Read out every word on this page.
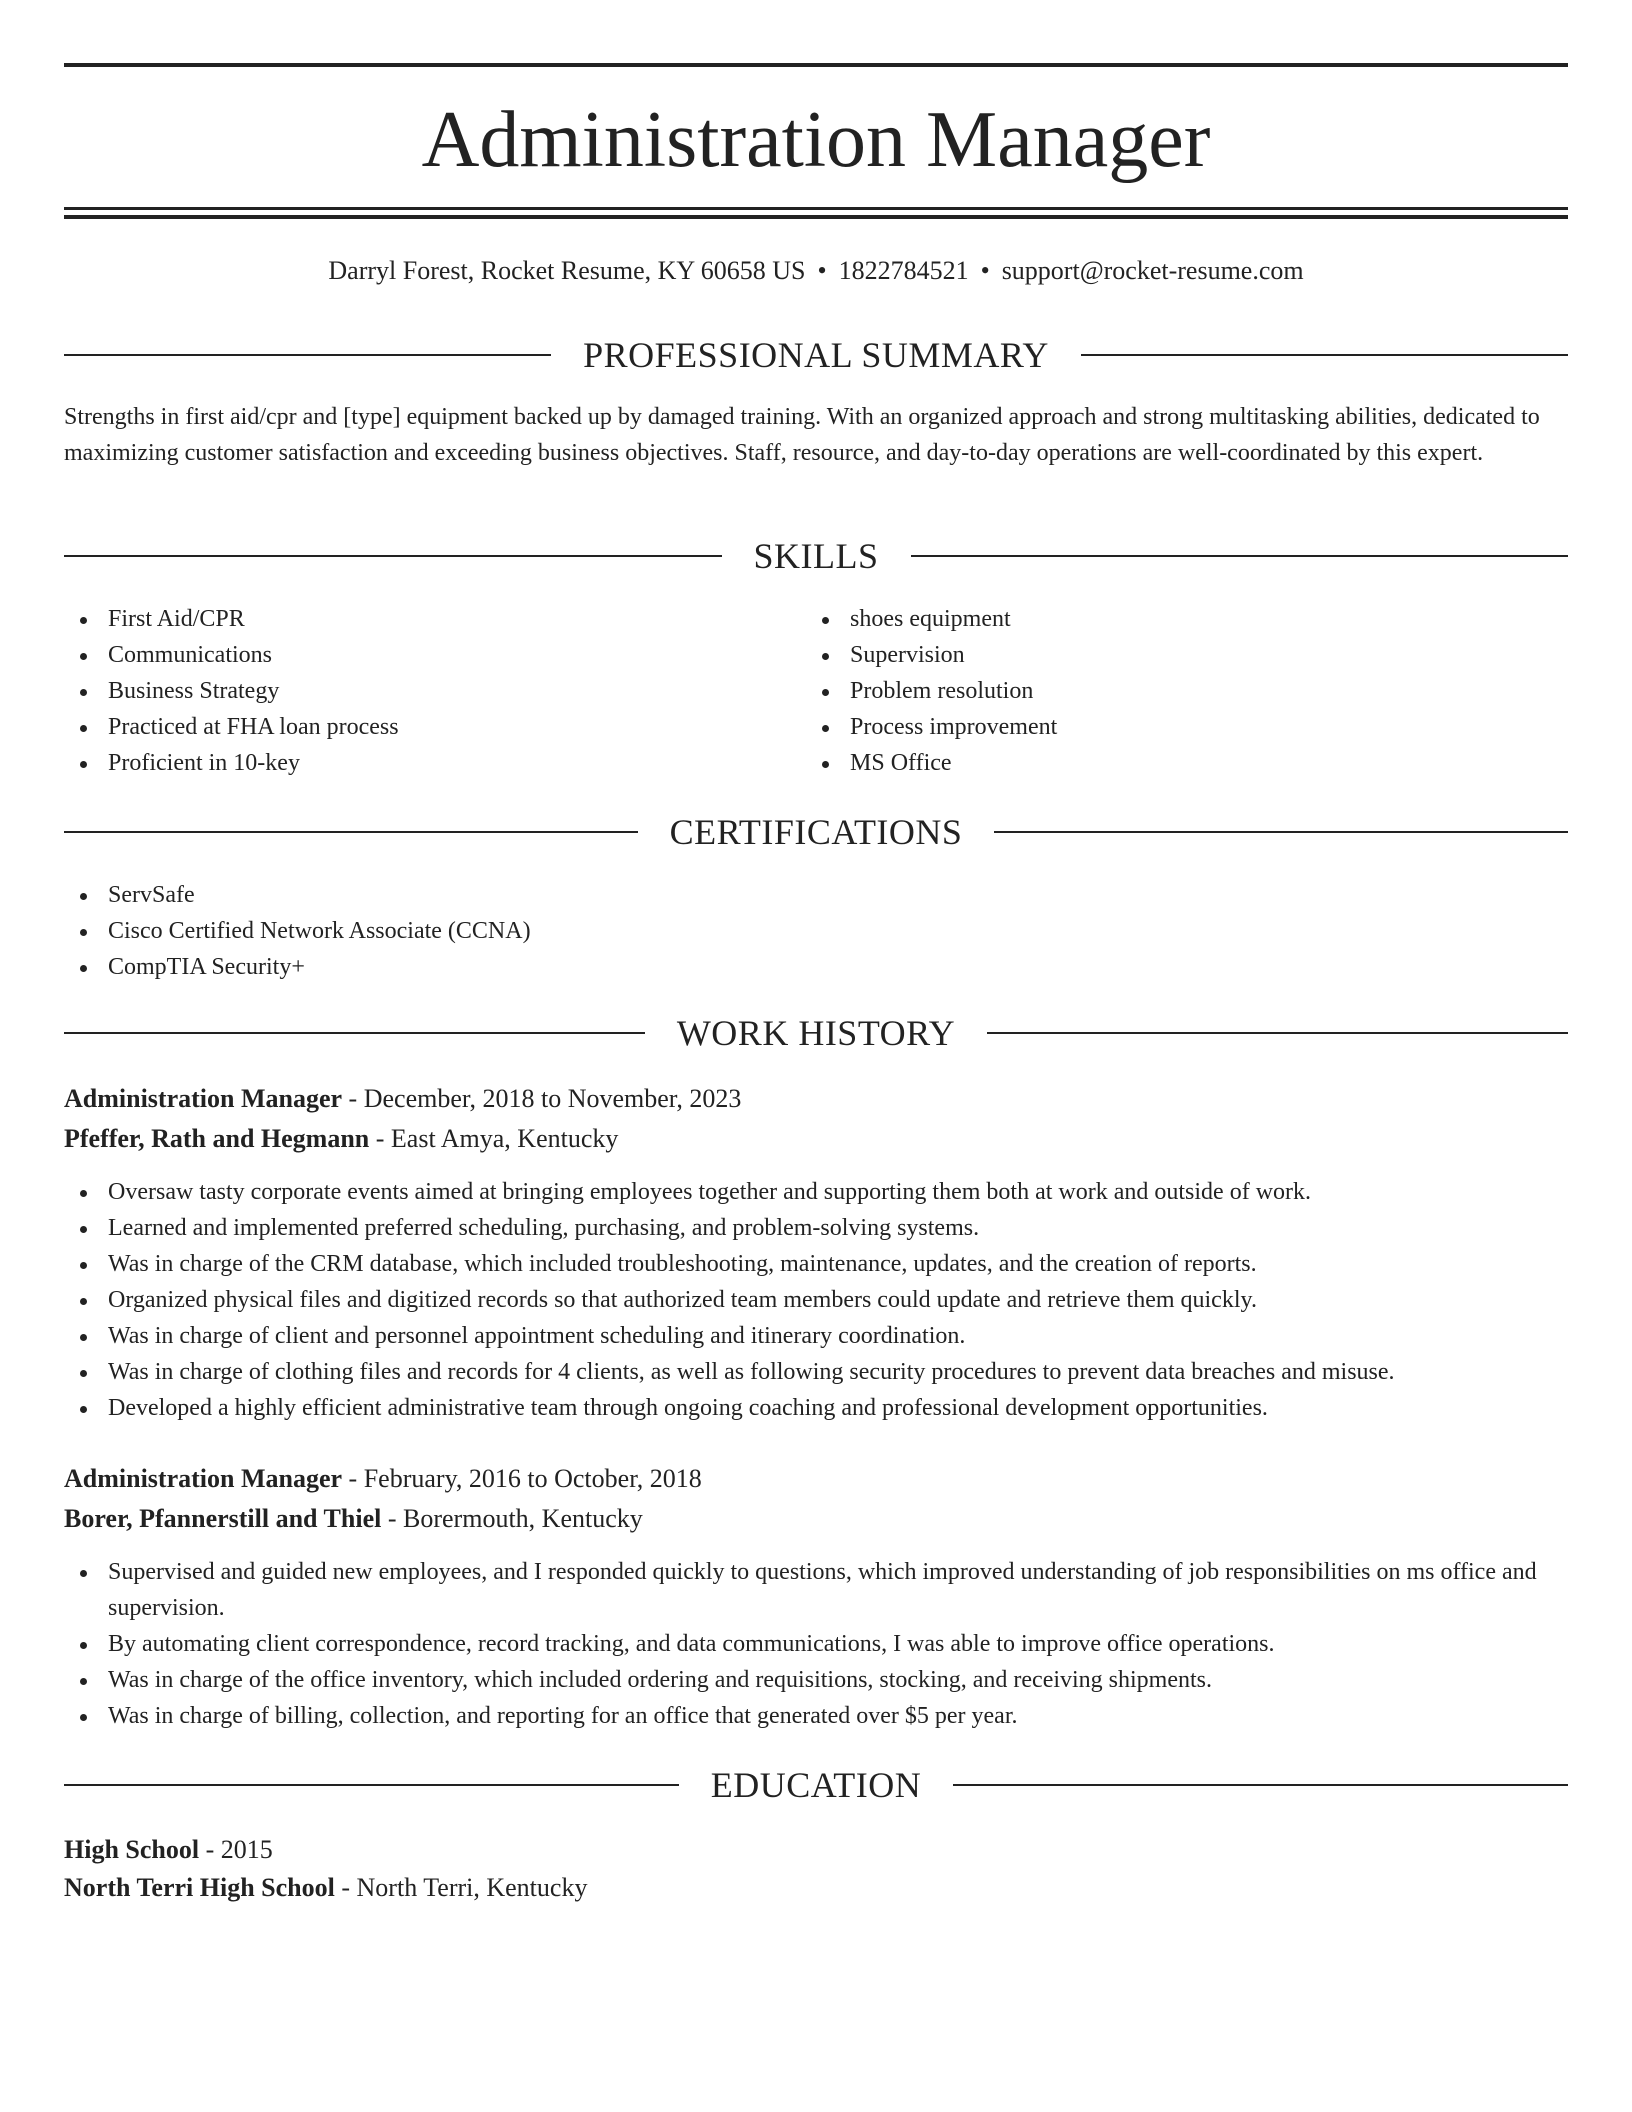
Administration Manager
Darryl Forest, Rocket Resume, KY 60658 US • 1822784521 • support@rocket-resume.com
PROFESSIONAL SUMMARY

Strengths in first aid/cpr and [type] equipment backed up by damaged training. With an organized approach and strong multitasking abilities, dedicated to maximizing customer satisfaction and exceeding business objectives. Staff, resource, and day-to-day operations are well-coordinated by this expert.

SKILLS
First Aid/CPR
Communications
Business Strategy
Practiced at FHA loan process
Proficient in 10-key
shoes equipment
Supervision
Problem resolution
Process improvement
MS Office
CERTIFICATIONS
ServSafe
Cisco Certified Network Associate (CCNA)
CompTIA Security+
WORK HISTORY
Administration Manager - December, 2018 to November, 2023
Pfeffer, Rath and Hegmann - East Amya, Kentucky
Oversaw tasty corporate events aimed at bringing employees together and supporting them both at work and outside of work.
Learned and implemented preferred scheduling, purchasing, and problem-solving systems.
Was in charge of the CRM database, which included troubleshooting, maintenance, updates, and the creation of reports.
Organized physical files and digitized records so that authorized team members could update and retrieve them quickly.
Was in charge of client and personnel appointment scheduling and itinerary coordination.
Was in charge of clothing files and records for 4 clients, as well as following security procedures to prevent data breaches and misuse.
Developed a highly efficient administrative team through ongoing coaching and professional development opportunities.
Administration Manager - February, 2016 to October, 2018
Borer, Pfannerstill and Thiel - Borermouth, Kentucky
Supervised and guided new employees, and I responded quickly to questions, which improved understanding of job responsibilities on ms office and supervision.
By automating client correspondence, record tracking, and data communications, I was able to improve office operations.
Was in charge of the office inventory, which included ordering and requisitions, stocking, and receiving shipments.
Was in charge of billing, collection, and reporting for an office that generated over $5 per year.
EDUCATION
High School - 2015
North Terri High School - North Terri, Kentucky
